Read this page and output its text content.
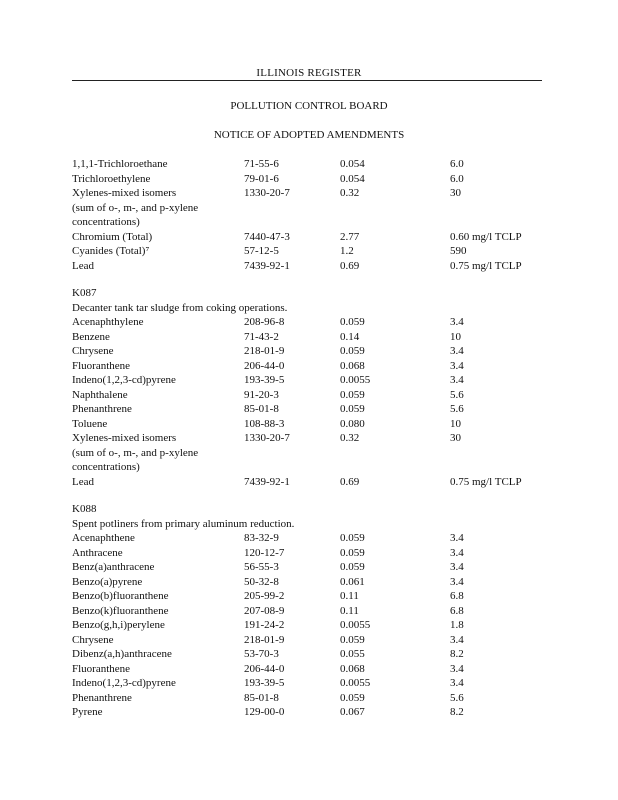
ILLINOIS REGISTER
POLLUTION CONTROL BOARD
NOTICE OF ADOPTED AMENDMENTS
1,1,1-Trichloroethane	71-55-6	0.054	6.0
Trichloroethylene	79-01-6	0.054	6.0
Xylenes-mixed isomers	1330-20-7	0.32	30
(sum of o-, m-, and p-xylene
concentrations)
Chromium (Total)	7440-47-3	2.77	0.60 mg/l TCLP
Cyanides (Total)⁷	57-12-5	1.2	590
Lead	7439-92-1	0.69	0.75 mg/l TCLP
K087
Decanter tank tar sludge from coking operations.
Acenaphthylene	208-96-8	0.059	3.4
Benzene	71-43-2	0.14	10
Chrysene	218-01-9	0.059	3.4
Fluoranthene	206-44-0	0.068	3.4
Indeno(1,2,3-cd)pyrene	193-39-5	0.0055	3.4
Naphthalene	91-20-3	0.059	5.6
Phenanthrene	85-01-8	0.059	5.6
Toluene	108-88-3	0.080	10
Xylenes-mixed isomers	1330-20-7	0.32	30
(sum of o-, m-, and p-xylene
concentrations)
Lead	7439-92-1	0.69	0.75 mg/l TCLP
K088
Spent potliners from primary aluminum reduction.
Acenaphthene	83-32-9	0.059	3.4
Anthracene	120-12-7	0.059	3.4
Benz(a)anthracene	56-55-3	0.059	3.4
Benzo(a)pyrene	50-32-8	0.061	3.4
Benzo(b)fluoranthene	205-99-2	0.11	6.8
Benzo(k)fluoranthene	207-08-9	0.11	6.8
Benzo(g,h,i)perylene	191-24-2	0.0055	1.8
Chrysene	218-01-9	0.059	3.4
Dibenz(a,h)anthracene	53-70-3	0.055	8.2
Fluoranthene	206-44-0	0.068	3.4
Indeno(1,2,3-cd)pyrene	193-39-5	0.0055	3.4
Phenanthrene	85-01-8	0.059	5.6
Pyrene	129-00-0	0.067	8.2
